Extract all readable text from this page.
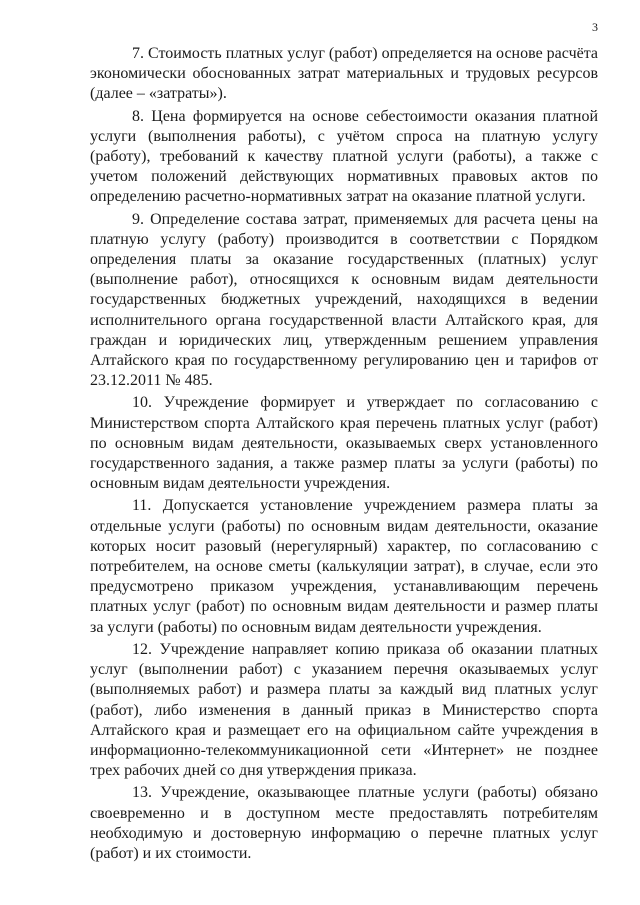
3

7. Стоимость платных услуг (работ) определяется на основе расчёта экономически обоснованных затрат материальных и трудовых ресурсов (далее – «затраты»).

8. Цена формируется на основе себестоимости оказания платной услуги (выполнения работы), с учётом спроса на платную услугу (работу), требований к качеству платной услуги (работы), а также с учетом положений действующих нормативных правовых актов по определению расчетно-нормативных затрат на оказание платной услуги.

9. Определение состава затрат, применяемых для расчета цены на платную услугу (работу) производится в соответствии с Порядком определения платы за оказание государственных (платных) услуг (выполнение работ), относящихся к основным видам деятельности государственных бюджетных учреждений, находящихся в ведении исполнительного органа государственной власти Алтайского края, для граждан и юридических лиц, утвержденным решением управления Алтайского края по государственному регулированию цен и тарифов от 23.12.2011 № 485.

10. Учреждение формирует и утверждает по согласованию с Министерством спорта Алтайского края перечень платных услуг (работ) по основным видам деятельности, оказываемых сверх установленного государственного задания, а также размер платы за услуги (работы) по основным видам деятельности учреждения.

11. Допускается установление учреждением размера платы за отдельные услуги (работы) по основным видам деятельности, оказание которых носит разовый (нерегулярный) характер, по согласованию с потребителем, на основе сметы (калькуляции затрат), в случае, если это предусмотрено приказом учреждения, устанавливающим перечень платных услуг (работ) по основным видам деятельности и размер платы за услуги (работы) по основным видам деятельности учреждения.

12. Учреждение направляет копию приказа об оказании платных услуг (выполнении работ) с указанием перечня оказываемых услуг (выполняемых работ) и размера платы за каждый вид платных услуг (работ), либо изменения в данный приказ в Министерство спорта Алтайского края и размещает его на официальном сайте учреждения в информационно-телекоммуникационной сети «Интернет» не позднее трех рабочих дней со дня утверждения приказа.

13. Учреждение, оказывающее платные услуги (работы) обязано своевременно и в доступном месте предоставлять потребителям необходимую и достоверную информацию о перечне платных услуг (работ) и их стоимости.
